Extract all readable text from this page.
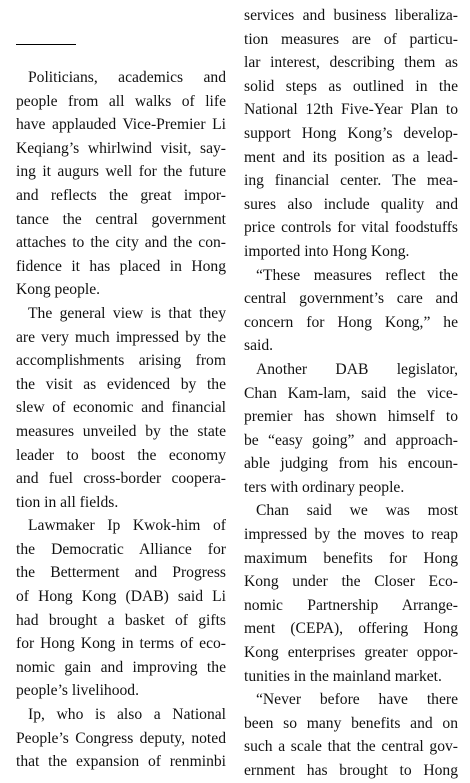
Politicians, academics and
people from all walks of life
have applauded Vice-Premier Li
Keqiang’s whirlwind visit, say-
ing it augurs well for the future
and reflects the great impor-
tance the central government
attaches to the city and the con-
fidence it has placed in Hong
Kong people.
The general view is that they
are very much impressed by the
accomplishments arising from
the visit as evidenced by the
slew of economic and financial
measures unveiled by the state
leader to boost the economy
and fuel cross-border coopera-
tion in all fields.
Lawmaker Ip Kwok-him of
the Democratic Alliance for
the Betterment and Progress
of Hong Kong (DAB) said Li
had brought a basket of gifts
for Hong Kong in terms of eco-
nomic gain and improving the
people’s livelihood.
Ip, who is also a National
People’s Congress deputy, noted
that the expansion of renminbi
services and business liberaliza-
tion measures are of particu-
lar interest, describing them as
solid steps as outlined in the
National 12th Five-Year Plan to
support Hong Kong’s develop-
ment and its position as a lead-
ing financial center. The mea-
sures also include quality and
price controls for vital foodstuffs
imported into Hong Kong.
“These measures reflect the
central government’s care and
concern for Hong Kong,” he
said.
Another DAB legislator,
Chan Kam-lam, said the vice-
premier has shown himself to
be “easy going” and approach-
able judging from his encoun-
ters with ordinary people.
Chan said we was most
impressed by the moves to reap
maximum benefits for Hong
Kong under the Closer Eco-
nomic Partnership Arrange-
ment (CEPA), offering Hong
Kong enterprises greater oppor-
tunities in the mainland market.
“Never before have there
been so many benefits and on
such a scale that the central gov-
ernment has brought to Hong
